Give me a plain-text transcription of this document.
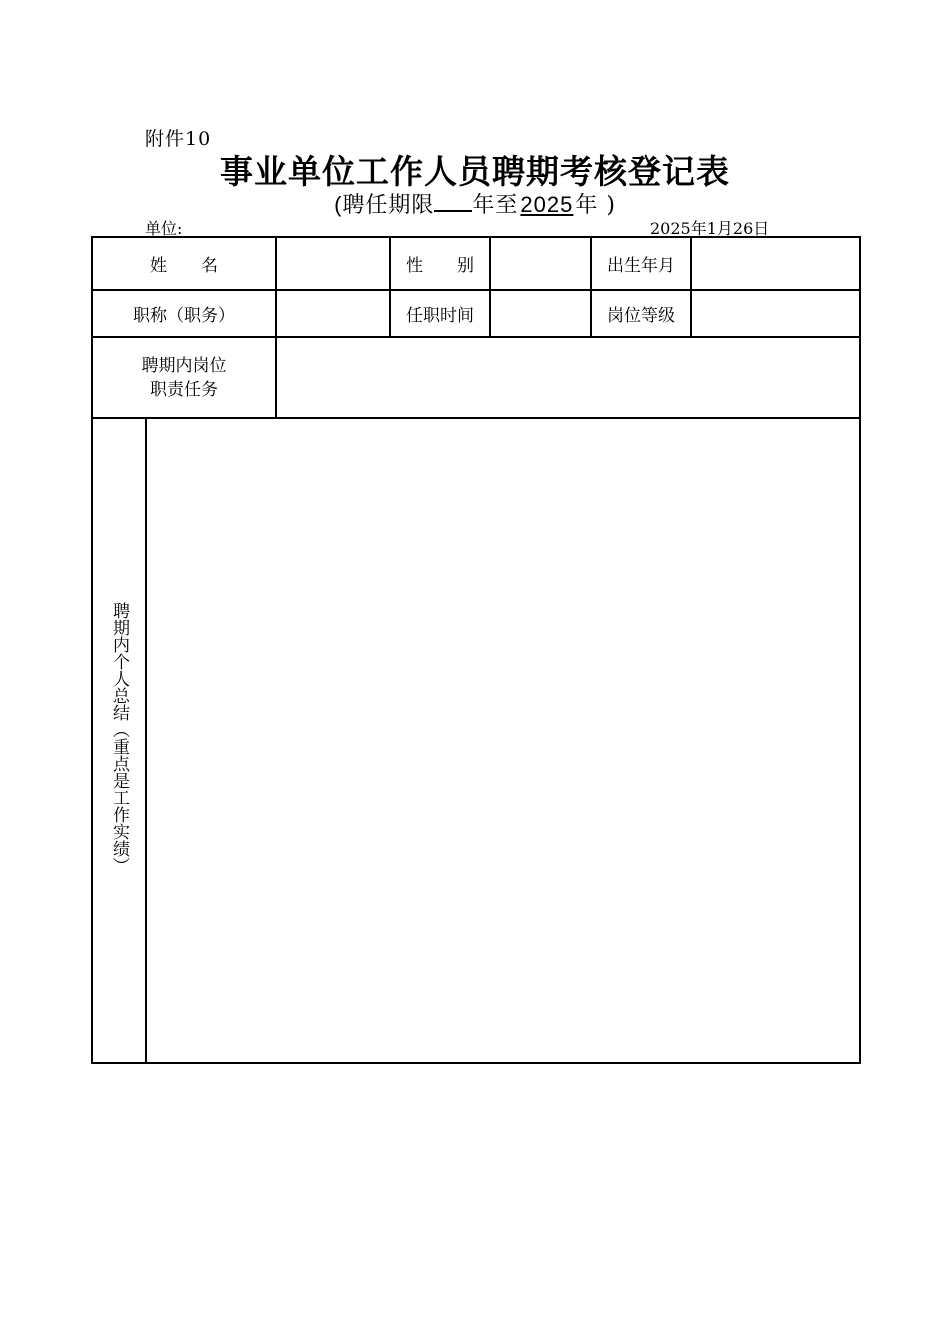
附件10
事业单位工作人员聘期考核登记表
(聘任期限 年至2025年 )
单位:	2025年1月26日
姓　　名			性　　别		出生年月	
职称（职务）			任职时间		岗位等级	

聘期内岗位
职责任务						

聘期内个人总结（重点是工作实绩）						
